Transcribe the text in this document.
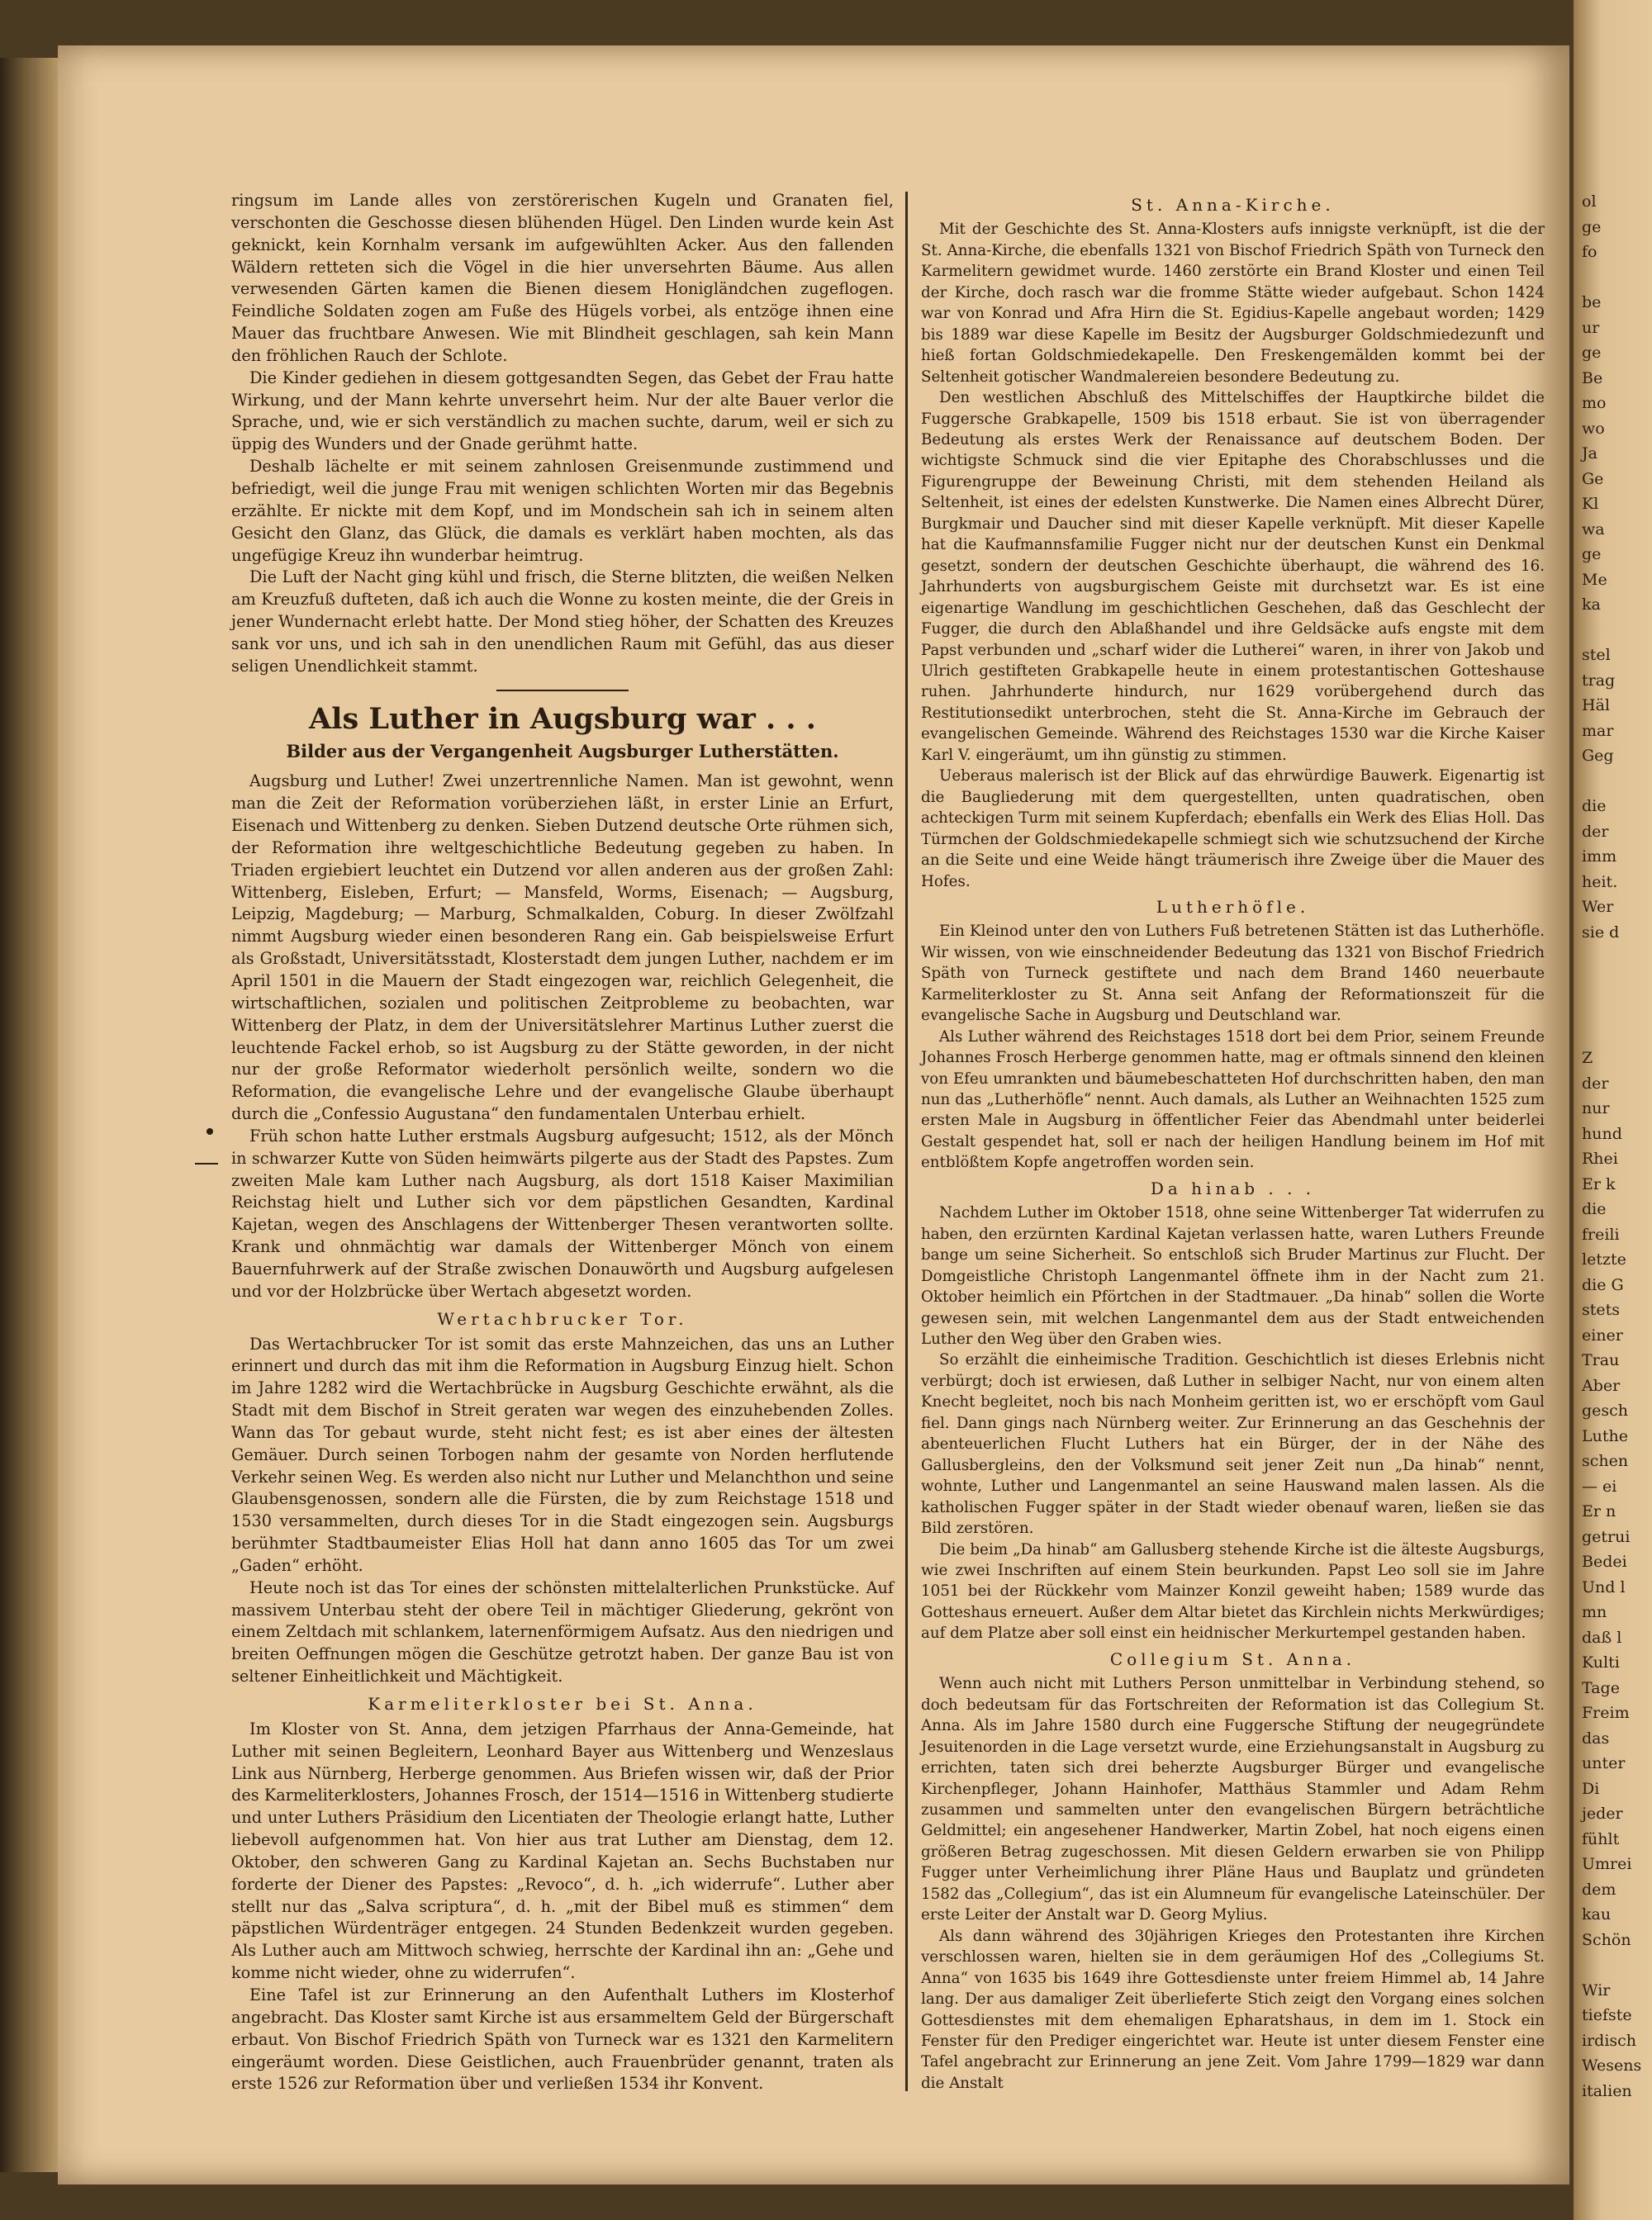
ringsum im Lande alles von zerstörerischen Kugeln und Granaten fiel, verschonten die Geschosse diesen blühenden Hügel. Den Linden wurde kein Ast geknickt, kein Kornhalm versank im aufgewühlten Acker. Aus den fallenden Wäldern retteten sich die Vögel in die hier unversehrten Bäume. Aus allen verwesenden Gärten kamen die Bienen diesem Honigländchen zugeflogen. Feindliche Soldaten zogen am Fuße des Hügels vorbei, als entzöge ihnen eine Mauer das fruchtbare Anwesen. Wie mit Blindheit geschlagen, sah kein Mann den fröhlichen Rauch der Schlote.

Die Kinder gediehen in diesem gottgesandten Segen, das Gebet der Frau hatte Wirkung, und der Mann kehrte unversehrt heim. Nur der alte Bauer verlor die Sprache, und, wie er sich verständlich zu machen suchte, darum, weil er sich zu üppig des Wunders und der Gnade gerühmt hatte.

Deshalb lächelte er mit seinem zahnlosen Greisenmunde zustimmend und befriedigt, weil die junge Frau mit wenigen schlichten Worten mir das Begebnis erzählte. Er nickte mit dem Kopf, und im Mondschein sah ich in seinem alten Gesicht den Glanz, das Glück, die damals es verklärt haben mochten, als das ungefügige Kreuz ihn wunderbar heimtrug.

Die Luft der Nacht ging kühl und frisch, die Sterne blitzten, die weißen Nelken am Kreuzfuß dufteten, daß ich auch die Wonne zu kosten meinte, die der Greis in jener Wundernacht erlebt hatte. Der Mond stieg höher, der Schatten des Kreuzes sank vor uns, und ich sah in den unendlichen Raum mit Gefühl, das aus dieser seligen Unendlichkeit stammt.

Als Luther in Augsburg war . . .
Bilder aus der Vergangenheit Augsburger Lutherstätten.

Augsburg und Luther! Zwei unzertrennliche Namen. Man ist gewohnt, wenn man die Zeit der Reformation vorüberziehen läßt, in erster Linie an Erfurt, Eisenach und Wittenberg zu denken. Sieben Dutzend deutsche Orte rühmen sich, der Reformation ihre weltgeschichtliche Bedeutung gegeben zu haben. In Triaden ergiebiert leuchtet ein Dutzend vor allen anderen aus der großen Zahl: Wittenberg, Eisleben, Erfurt; — Mansfeld, Worms, Eisenach; — Augsburg, Leipzig, Magdeburg; — Marburg, Schmalkalden, Coburg. In dieser Zwölfzahl nimmt Augsburg wieder einen besonderen Rang ein. Gab beispielsweise Erfurt als Großstadt, Universitätsstadt, Klosterstadt dem jungen Luther, nachdem er im April 1501 in die Mauern der Stadt eingezogen war, reichlich Gelegenheit, die wirtschaftlichen, sozialen und politischen Zeitprobleme zu beobachten, war Wittenberg der Platz, in dem der Universitätslehrer Martinus Luther zuerst die leuchtende Fackel erhob, so ist Augsburg zu der Stätte geworden, in der nicht nur der große Reformator wiederholt persönlich weilte, sondern wo die Reformation, die evangelische Lehre und der evangelische Glaube überhaupt durch die „Confessio Augustana“ den fundamentalen Unterbau erhielt.

Früh schon hatte Luther erstmals Augsburg aufgesucht; 1512, als der Mönch in schwarzer Kutte von Süden heimwärts pilgerte aus der Stadt des Papstes. Zum zweiten Male kam Luther nach Augsburg, als dort 1518 Kaiser Maximilian Reichstag hielt und Luther sich vor dem päpstlichen Gesandten, Kardinal Kajetan, wegen des Anschlagens der Wittenberger Thesen verantworten sollte. Krank und ohnmächtig war damals der Wittenberger Mönch von einem Bauernfuhrwerk auf der Straße zwischen Donauwörth und Augsburg aufgelesen und vor der Holzbrücke über Wertach abgesetzt worden.

Wertachbrucker Tor.

Das Wertachbrucker Tor ist somit das erste Mahnzeichen, das uns an Luther erinnert und durch das mit ihm die Reformation in Augsburg Einzug hielt. Schon im Jahre 1282 wird die Wertachbrücke in Augsburg Geschichte erwähnt, als die Stadt mit dem Bischof in Streit geraten war wegen des einzuhebenden Zolles. Wann das Tor gebaut wurde, steht nicht fest; es ist aber eines der ältesten Gemäuer. Durch seinen Torbogen nahm der gesamte von Norden herflutende Verkehr seinen Weg. Es werden also nicht nur Luther und Melanchthon und seine Glaubensgenossen, sondern alle die Fürsten, die by zum Reichstage 1518 und 1530 versammelten, durch dieses Tor in die Stadt eingezogen sein. Augsburgs berühmter Stadtbaumeister Elias Holl hat dann anno 1605 das Tor um zwei „Gaden“ erhöht.

Heute noch ist das Tor eines der schönsten mittelalterlichen Prunkstücke. Auf massivem Unterbau steht der obere Teil in mächtiger Gliederung, gekrönt von einem Zeltdach mit schlankem, laternenförmigem Aufsatz. Aus den niedrigen und breiten Oeffnungen mögen die Geschütze getrotzt haben. Der ganze Bau ist von seltener Einheitlichkeit und Mächtigkeit.

Karmeliterkloster bei St. Anna.

Im Kloster von St. Anna, dem jetzigen Pfarrhaus der Anna-Gemeinde, hat Luther mit seinen Begleitern, Leonhard Bayer aus Wittenberg und Wenzeslaus Link aus Nürnberg, Herberge genommen. Aus Briefen wissen wir, daß der Prior des Karmeliterklosters, Johannes Frosch, der 1514—1516 in Wittenberg studierte und unter Luthers Präsidium den Licentiaten der Theologie erlangt hatte, Luther liebevoll aufgenommen hat. Von hier aus trat Luther am Dienstag, dem 12. Oktober, den schweren Gang zu Kardinal Kajetan an. Sechs Buchstaben nur forderte der Diener des Papstes: „Revoco“, d. h. „ich widerrufe“. Luther aber stellt nur das „Salva scriptura“, d. h. „mit der Bibel muß es stimmen“ dem päpstlichen Würdenträger entgegen. 24 Stunden Bedenkzeit wurden gegeben. Als Luther auch am Mittwoch schwieg, herrschte der Kardinal ihn an: „Gehe und komme nicht wieder, ohne zu widerrufen“.

Eine Tafel ist zur Erinnerung an den Aufenthalt Luthers im Klosterhof angebracht. Das Kloster samt Kirche ist aus ersammeltem Geld der Bürgerschaft erbaut. Von Bischof Friedrich Späth von Turneck war es 1321 den Karmelitern eingeräumt worden. Diese Geistlichen, auch Frauenbrüder genannt, traten als erste 1526 zur Reformation über und verließen 1534 ihr Konvent.

St. Anna-Kirche.

Mit der Geschichte des St. Anna-Klosters aufs innigste verknüpft, ist die der St. Anna-Kirche, die ebenfalls 1321 von Bischof Friedrich Späth von Turneck den Karmelitern gewidmet wurde. 1460 zerstörte ein Brand Kloster und einen Teil der Kirche, doch rasch war die fromme Stätte wieder aufgebaut. Schon 1424 war von Konrad und Afra Hirn die St. Egidius-Kapelle angebaut worden; 1429 bis 1889 war diese Kapelle im Besitz der Augsburger Goldschmiedezunft und hieß fortan Goldschmiedekapelle. Den Freskengemälden kommt bei der Seltenheit gotischer Wandmalereien besondere Bedeutung zu.

Den westlichen Abschluß des Mittelschiffes der Hauptkirche bildet die Fuggersche Grabkapelle, 1509 bis 1518 erbaut. Sie ist von überragender Bedeutung als erstes Werk der Renaissance auf deutschem Boden. Der wichtigste Schmuck sind die vier Epitaphe des Chorabschlusses und die Figurengruppe der Beweinung Christi, mit dem stehenden Heiland als Seltenheit, ist eines der edelsten Kunstwerke. Die Namen eines Albrecht Dürer, Burgkmair und Daucher sind mit dieser Kapelle verknüpft. Mit dieser Kapelle hat die Kaufmannsfamilie Fugger nicht nur der deutschen Kunst ein Denkmal gesetzt, sondern der deutschen Geschichte überhaupt, die während des 16. Jahrhunderts von augsburgischem Geiste mit durchsetzt war. Es ist eine eigenartige Wandlung im geschichtlichen Geschehen, daß das Geschlecht der Fugger, die durch den Ablaßhandel und ihre Geldsäcke aufs engste mit dem Papst verbunden und „scharf wider die Lutherei“ waren, in ihrer von Jakob und Ulrich gestifteten Grabkapelle heute in einem protestantischen Gotteshause ruhen. Jahrhunderte hindurch, nur 1629 vorübergehend durch das Restitutionsedikt unterbrochen, steht die St. Anna-Kirche im Gebrauch der evangelischen Gemeinde. Während des Reichstages 1530 war die Kirche Kaiser Karl V. eingeräumt, um ihn günstig zu stimmen.

Ueberaus malerisch ist der Blick auf das ehrwürdige Bauwerk. Eigenartig ist die Baugliederung mit dem quergestellten, unten quadratischen, oben achteckigen Turm mit seinem Kupferdach; ebenfalls ein Werk des Elias Holl. Das Türmchen der Goldschmiedekapelle schmiegt sich wie schutzsuchend der Kirche an die Seite und eine Weide hängt träumerisch ihre Zweige über die Mauer des Hofes.

Lutherhöfle.

Ein Kleinod unter den von Luthers Fuß betretenen Stätten ist das Lutherhöfle. Wir wissen, von wie einschneidender Bedeutung das 1321 von Bischof Friedrich Späth von Turneck gestiftete und nach dem Brand 1460 neuerbaute Karmeliterkloster zu St. Anna seit Anfang der Reformationszeit für die evangelische Sache in Augsburg und Deutschland war.

Als Luther während des Reichstages 1518 dort bei dem Prior, seinem Freunde Johannes Frosch Herberge genommen hatte, mag er oftmals sinnend den kleinen von Efeu umrankten und bäumebeschatteten Hof durchschritten haben, den man nun das „Lutherhöfle“ nennt. Auch damals, als Luther an Weihnachten 1525 zum ersten Male in Augsburg in öffentlicher Feier das Abendmahl unter beiderlei Gestalt gespendet hat, soll er nach der heiligen Handlung beinem im Hof mit entblößtem Kopfe angetroffen worden sein.

Da hinab . . .

Nachdem Luther im Oktober 1518, ohne seine Wittenberger Tat widerrufen zu haben, den erzürnten Kardinal Kajetan verlassen hatte, waren Luthers Freunde bange um seine Sicherheit. So entschloß sich Bruder Martinus zur Flucht. Der Domgeistliche Christoph Langenmantel öffnete ihm in der Nacht zum 21. Oktober heimlich ein Pförtchen in der Stadtmauer. „Da hinab“ sollen die Worte gewesen sein, mit welchen Langenmantel dem aus der Stadt entweichenden Luther den Weg über den Graben wies.

So erzählt die einheimische Tradition. Geschichtlich ist dieses Erlebnis nicht verbürgt; doch ist erwiesen, daß Luther in selbiger Nacht, nur von einem alten Knecht begleitet, noch bis nach Monheim geritten ist, wo er erschöpft vom Gaul fiel. Dann gings nach Nürnberg weiter. Zur Erinnerung an das Geschehnis der abenteuerlichen Flucht Luthers hat ein Bürger, der in der Nähe des Gallusbergleins, den der Volksmund seit jener Zeit nun „Da hinab“ nennt, wohnte, Luther und Langenmantel an seine Hauswand malen lassen. Als die katholischen Fugger später in der Stadt wieder obenauf waren, ließen sie das Bild zerstören.

Die beim „Da hinab“ am Gallusberg stehende Kirche ist die älteste Augsburgs, wie zwei Inschriften auf einem Stein beurkunden. Papst Leo soll sie im Jahre 1051 bei der Rückkehr vom Mainzer Konzil geweiht haben; 1589 wurde das Gotteshaus erneuert. Außer dem Altar bietet das Kirchlein nichts Merkwürdiges; auf dem Platze aber soll einst ein heidnischer Merkurtempel gestanden haben.

Collegium St. Anna.

Wenn auch nicht mit Luthers Person unmittelbar in Verbindung stehend, so doch bedeutsam für das Fortschreiten der Reformation ist das Collegium St. Anna. Als im Jahre 1580 durch eine Fuggersche Stiftung der neugegründete Jesuitenorden in die Lage versetzt wurde, eine Erziehungsanstalt in Augsburg zu errichten, taten sich drei beherzte Augsburger Bürger und evangelische Kirchenpfleger, Johann Hainhofer, Matthäus Stammler und Adam Rehm zusammen und sammelten unter den evangelischen Bürgern beträchtliche Geldmittel; ein angesehener Handwerker, Martin Zobel, hat noch eigens einen größeren Betrag zugeschossen. Mit diesen Geldern erwarben sie von Philipp Fugger unter Verheimlichung ihrer Pläne Haus und Bauplatz und gründeten 1582 das „Collegium“, das ist ein Alumneum für evangelische Lateinschüler. Der erste Leiter der Anstalt war D. Georg Mylius.

Als dann während des 30jährigen Krieges den Protestanten ihre Kirchen verschlossen waren, hielten sie in dem geräumigen Hof des „Collegiums St. Anna“ von 1635 bis 1649 ihre Gottesdienste unter freiem Himmel ab, 14 Jahre lang. Der aus damaliger Zeit überlieferte Stich zeigt den Vorgang eines solchen Gottesdienstes mit dem ehemaligen Epharatshaus, in dem im 1. Stock ein Fenster für den Prediger eingerichtet war. Heute ist unter diesem Fenster eine Tafel angebracht zur Erinnerung an jene Zeit. Vom Jahre 1799—1829 war dann die Anstalt

ol
ge
fo
be
ur
ge
Be
mo
wo
Ja
Ge
Kl
wa
ge
Me
ka
stel
trag
Häl
mar
Geg
die
der
imm
heit.
Wer
sie d
Z
der
nur
hund
Rhei
Er k
die
freili
letzte
die G
stets
einer
Trau
Aber
gesch
Luthe
schen
— ei
Er n
getrui
Bedei
Und l
mn
daß l
Kulti
Tage
Freim
das
unter
Di
jeder
fühlt
Umrei
dem
kau
Schön
Wir
tiefste
irdisch
Wesens
italien
